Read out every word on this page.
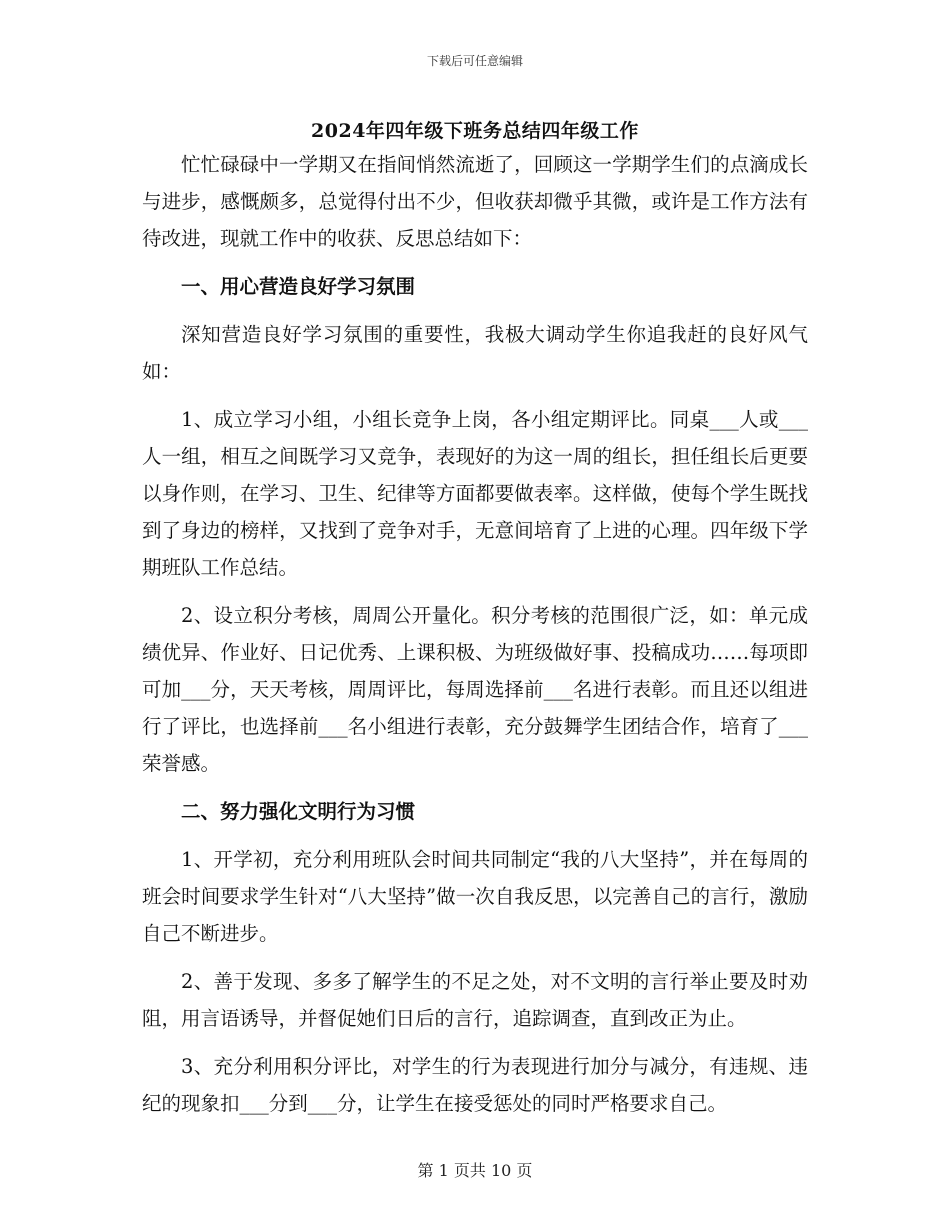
下载后可任意编辑
2024年四年级下班务总结四年级工作

忙忙碌碌中一学期又在指间悄然流逝了，回顾这一学期学生们的点滴成长与进步，感慨颇多，总觉得付出不少，但收获却微乎其微，或许是工作方法有待改进，现就工作中的收获、反思总结如下：

一、用心营造良好学习氛围

深知营造良好学习氛围的重要性，我极大调动学生你追我赶的良好风气如：

1、成立学习小组，小组长竞争上岗，各小组定期评比。同桌___人或___人一组，相互之间既学习又竞争，表现好的为这一周的组长，担任组长后更要以身作则，在学习、卫生、纪律等方面都要做表率。这样做，使每个学生既找到了身边的榜样，又找到了竞争对手，无意间培育了上进的心理。四年级下学期班队工作总结。

2、设立积分考核，周周公开量化。积分考核的范围很广泛，如：单元成绩优异、作业好、日记优秀、上课积极、为班级做好事、投稿成功……每项即可加___分，天天考核，周周评比，每周选择前___名进行表彰。而且还以组进行了评比，也选择前___名小组进行表彰，充分鼓舞学生团结合作，培育了___荣誉感。

二、努力强化文明行为习惯

1、开学初，充分利用班队会时间共同制定“我的八大坚持”，并在每周的班会时间要求学生针对“八大坚持”做一次自我反思，以完善自己的言行，激励自己不断进步。

2、善于发现、多多了解学生的不足之处，对不文明的言行举止要及时劝阻，用言语诱导，并督促她们日后的言行，追踪调查，直到改正为止。

3、充分利用积分评比，对学生的行为表现进行加分与减分，有违规、违纪的现象扣___分到___分，让学生在接受惩处的同时严格要求自己。

第 1 页共 10 页
